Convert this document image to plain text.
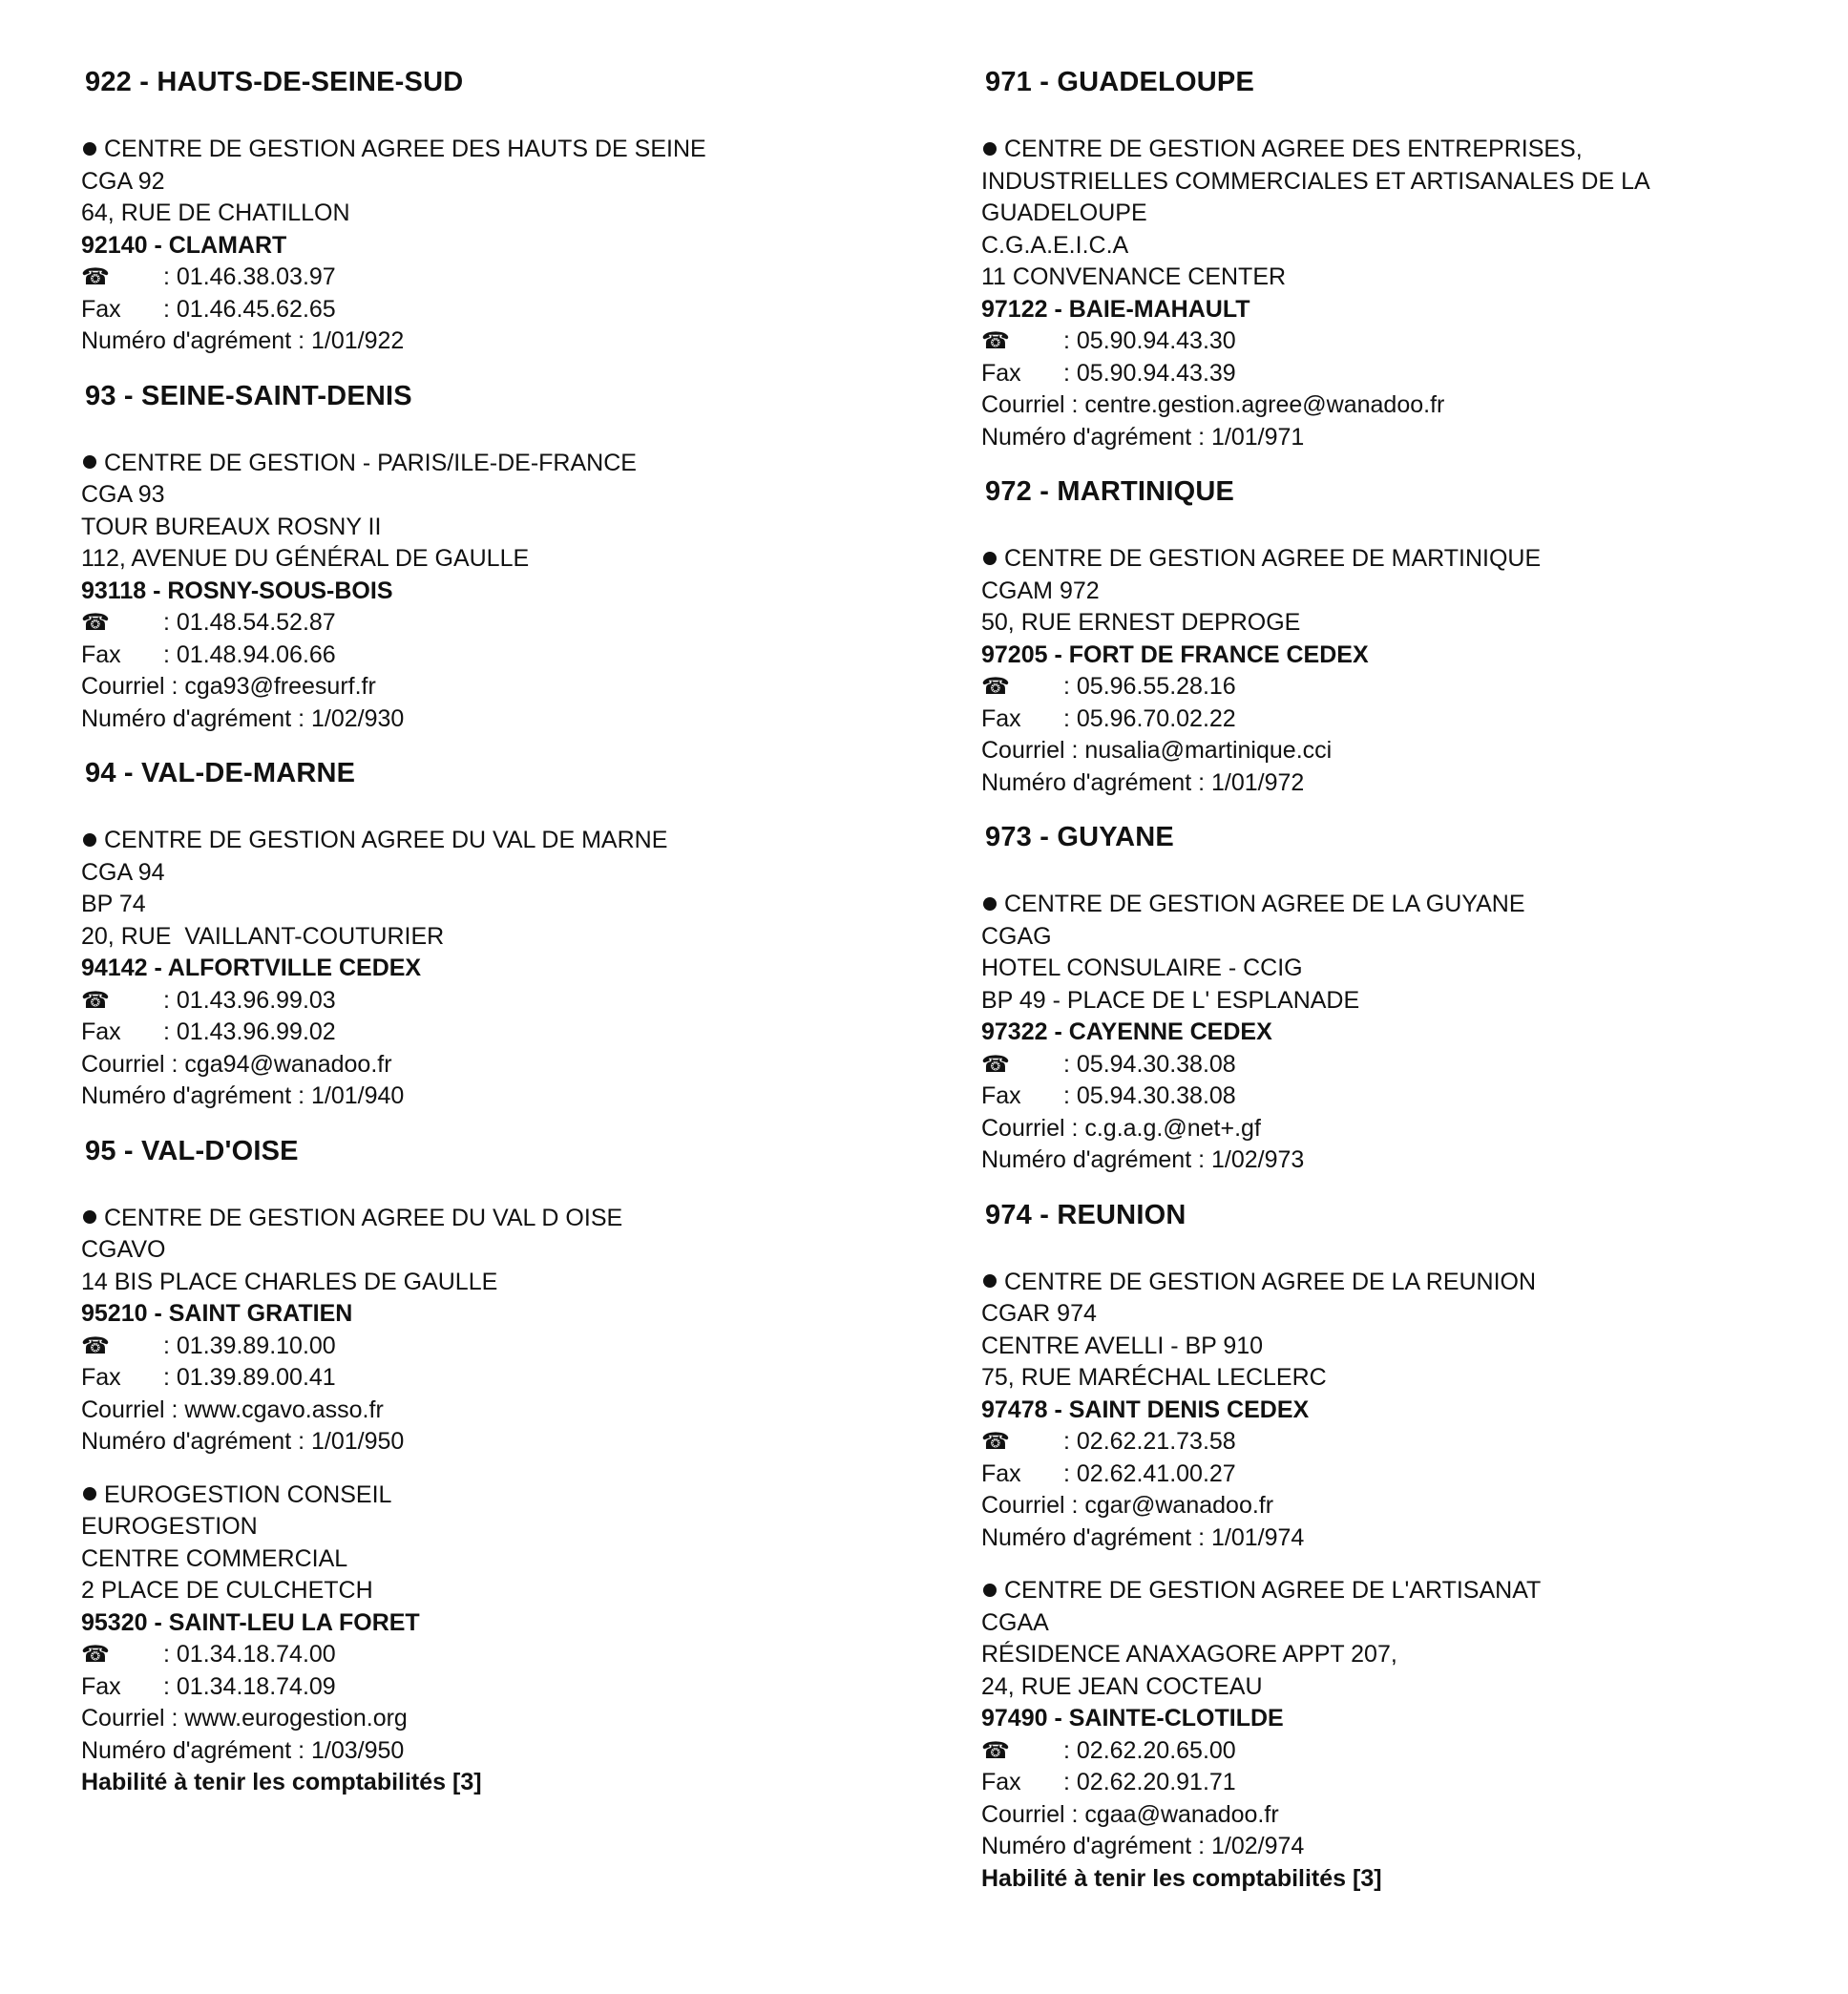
922 - HAUTS-DE-SEINE-SUD
CENTRE DE GESTION AGREE DES HAUTS DE SEINE
CGA 92
64, RUE DE CHATILLON
92140 - CLAMART
☎ : 01.46.38.03.97
Fax : 01.46.45.62.65
Numéro d'agrément : 1/01/922
93 - SEINE-SAINT-DENIS
CENTRE DE GESTION - PARIS/ILE-DE-FRANCE
CGA 93
TOUR BUREAUX ROSNY II
112, AVENUE DU GÉNÉRAL DE GAULLE
93118 - ROSNY-SOUS-BOIS
☎ : 01.48.54.52.87
Fax : 01.48.94.06.66
Courriel : cga93@freesurf.fr
Numéro d'agrément : 1/02/930
94 - VAL-DE-MARNE
CENTRE DE GESTION AGREE DU VAL DE MARNE
CGA 94
BP 74
20, RUE  VAILLANT-COUTURIER
94142 - ALFORTVILLE CEDEX
☎ : 01.43.96.99.03
Fax : 01.43.96.99.02
Courriel : cga94@wanadoo.fr
Numéro d'agrément : 1/01/940
95 - VAL-D'OISE
CENTRE DE GESTION AGREE DU VAL D OISE
CGAVO
14 BIS PLACE CHARLES DE GAULLE
95210 - SAINT GRATIEN
☎ : 01.39.89.10.00
Fax : 01.39.89.00.41
Courriel : www.cgavo.asso.fr
Numéro d'agrément : 1/01/950
EUROGESTION CONSEIL
EUROGESTION
CENTRE COMMERCIAL
2 PLACE DE CULCHETCH
95320 - SAINT-LEU LA FORET
☎ : 01.34.18.74.00
Fax : 01.34.18.74.09
Courriel : www.eurogestion.org
Numéro d'agrément : 1/03/950
Habilité à tenir les comptabilités [3]
971 - GUADELOUPE
CENTRE DE GESTION AGREE DES ENTREPRISES,
INDUSTRIELLES COMMERCIALES ET ARTISANALES DE LA
GUADELOUPE
C.G.A.E.I.C.A
11 CONVENANCE CENTER
97122 - BAIE-MAHAULT
☎ : 05.90.94.43.30
Fax : 05.90.94.43.39
Courriel : centre.gestion.agree@wanadoo.fr
Numéro d'agrément : 1/01/971
972 - MARTINIQUE
CENTRE DE GESTION AGREE DE MARTINIQUE
CGAM 972
50, RUE ERNEST DEPROGE
97205 - FORT DE FRANCE CEDEX
☎ : 05.96.55.28.16
Fax : 05.96.70.02.22
Courriel : nusalia@martinique.cci
Numéro d'agrément : 1/01/972
973 - GUYANE
CENTRE DE GESTION AGREE DE LA GUYANE
CGAG
HOTEL CONSULAIRE - CCIG
BP 49 - PLACE DE L' ESPLANADE
97322 - CAYENNE CEDEX
☎ : 05.94.30.38.08
Fax : 05.94.30.38.08
Courriel : c.g.a.g.@net+.gf
Numéro d'agrément : 1/02/973
974 - REUNION
CENTRE DE GESTION AGREE DE LA REUNION
CGAR 974
CENTRE AVELLI - BP 910
75, RUE MARÉCHAL LECLERC
97478 - SAINT DENIS CEDEX
☎ : 02.62.21.73.58
Fax : 02.62.41.00.27
Courriel : cgar@wanadoo.fr
Numéro d'agrément : 1/01/974
CENTRE DE GESTION AGREE DE L'ARTISANAT
CGAA
RÉSIDENCE ANAXAGORE APPT 207,
24, RUE JEAN COCTEAU
97490 - SAINTE-CLOTILDE
☎ : 02.62.20.65.00
Fax : 02.62.20.91.71
Courriel : cgaa@wanadoo.fr
Numéro d'agrément : 1/02/974
Habilité à tenir les comptabilités [3]
